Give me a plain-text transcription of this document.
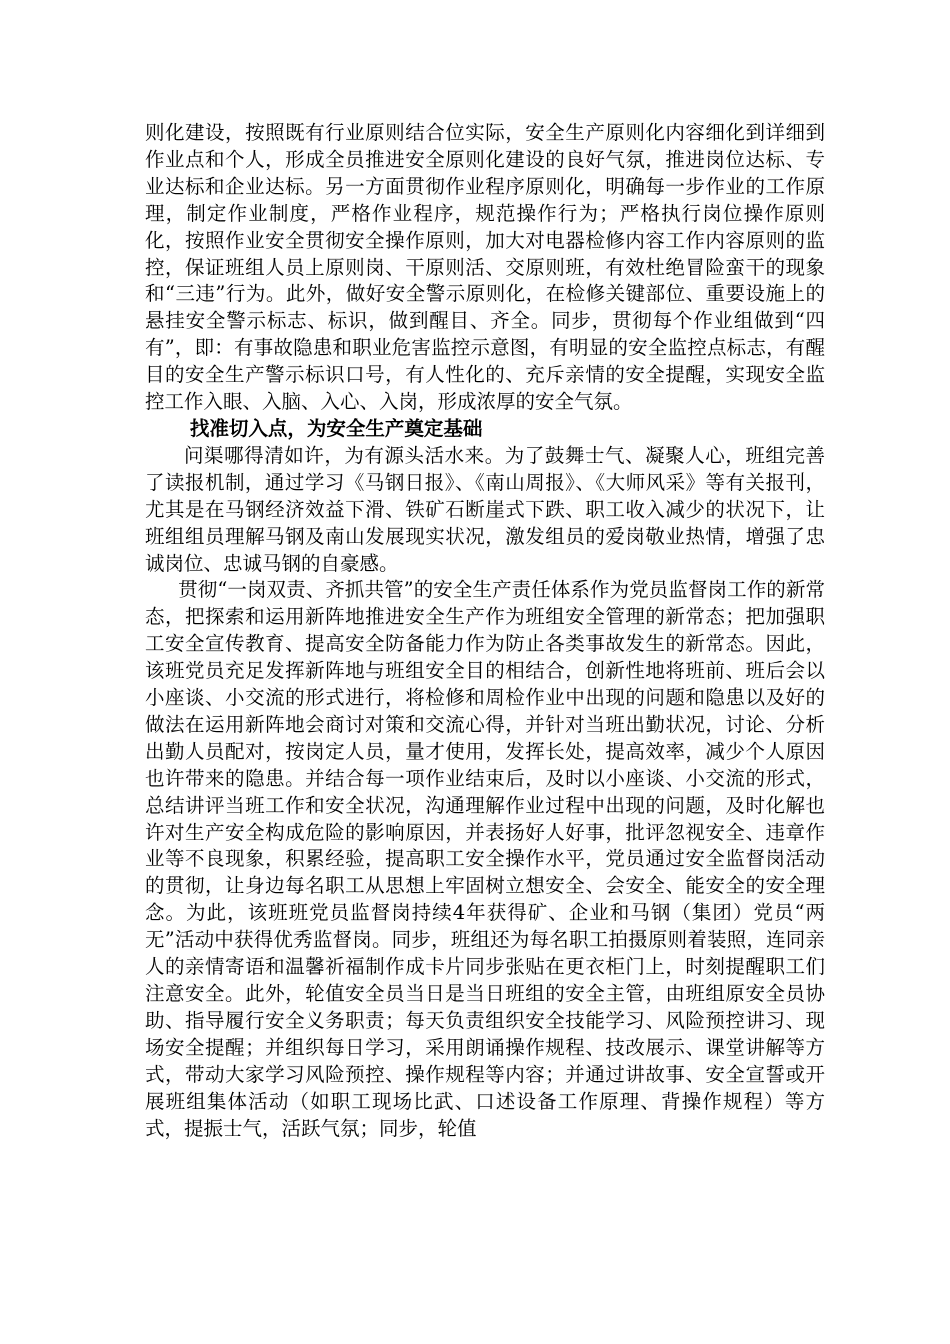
则化建设，按照既有行业原则结合位实际，安全生产原则化内容细化到详细到作业点和个人，形成全员推进安全原则化建设的良好气氛，推进岗位达标、专业达标和企业达标。另一方面贯彻作业程序原则化，明确每一步作业的工作原理，制定作业制度，严格作业程序，规范操作行为；严格执行岗位操作原则化，按照作业安全贯彻安全操作原则，加大对电器检修内容工作内容原则的监控，保证班组人员上原则岗、干原则活、交原则班，有效杜绝冒险蛮干的现象和“三违”行为。此外，做好安全警示原则化，在检修关键部位、重要设施上的悬挂安全警示标志、标识，做到醒目、齐全。同步，贯彻每个作业组做到“四有”，即：有事故隐患和职业危害监控示意图，有明显的安全监控点标志，有醒目的安全生产警示标识口号，有人性化的、充斥亲情的安全提醒，实现安全监控工作入眼、入脑、入心、入岗，形成浓厚的安全气氛。

找准切入点，为安全生产奠定基础

问渠哪得清如许，为有源头活水来。为了鼓舞士气、凝聚人心，班组完善了读报机制，通过学习《马钢日报》、《南山周报》、《大师风采》等有关报刊，尤其是在马钢经济效益下滑、铁矿石断崖式下跌、职工收入减少的状况下，让班组组员理解马钢及南山发展现实状况，激发组员的爱岗敬业热情，增强了忠诚岗位、忠诚马钢的自豪感。

贯彻“一岗双责、齐抓共管”的安全生产责任体系作为党员监督岗工作的新常态，把探索和运用新阵地推进安全生产作为班组安全管理的新常态；把加强职工安全宣传教育、提高安全防备能力作为防止各类事故发生的新常态。因此，该班党员充足发挥新阵地与班组安全目的相结合，创新性地将班前、班后会以小座谈、小交流的形式进行，将检修和周检作业中出现的问题和隐患以及好的做法在运用新阵地会商讨对策和交流心得，并针对当班出勤状况，讨论、分析出勤人员配对，按岗定人员，量才使用，发挥长处，提高效率，减少个人原因也许带来的隐患。并结合每一项作业结束后，及时以小座谈、小交流的形式，总结讲评当班工作和安全状况，沟通理解作业过程中出现的问题，及时化解也许对生产安全构成危险的影响原因，并表扬好人好事，批评忽视安全、违章作业等不良现象，积累经验，提高职工安全操作水平，党员通过安全监督岗活动的贯彻，让身边每名职工从思想上牢固树立想安全、会安全、能安全的安全理念。为此，该班班党员监督岗持续4年获得矿、企业和马钢（集团）党员“两无”活动中获得优秀监督岗。同步，班组还为每名职工拍摄原则着装照，连同亲人的亲情寄语和温馨祈福制作成卡片同步张贴在更衣柜门上，时刻提醒职工们注意安全。此外，轮值安全员当日是当日班组的安全主管，由班组原安全员协助、指导履行安全义务职责；每天负责组织安全技能学习、风险预控讲习、现场安全提醒；并组织每日学习，采用朗诵操作规程、技改展示、课堂讲解等方式，带动大家学习风险预控、操作规程等内容；并通过讲故事、安全宣誓或开展班组集体活动（如职工现场比武、口述设备工作原理、背操作规程）等方式，提振士气，活跃气氛；同步，轮值
